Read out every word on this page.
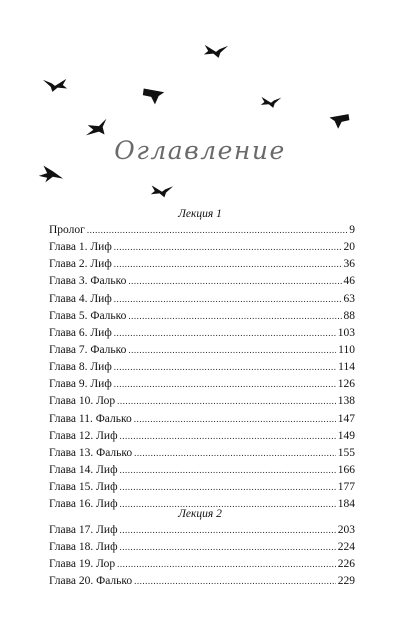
Оглавление
Лекция 1
Пролог .....	9
Глава 1. Лиф .....	20
Глава 2. Лиф .....	36
Глава 3. Фалько .....	46
Глава 4. Лиф .....	63
Глава 5. Фалько .....	88
Глава 6. Лиф .....	103
Глава 7. Фалько .....	110
Глава 8. Лиф .....	114
Глава 9. Лиф .....	126
Глава 10. Лор .....	138
Глава 11. Фалько .....	147
Глава 12. Лиф .....	149
Глава 13. Фалько .....	155
Глава 14. Лиф .....	166
Глава 15. Лиф .....	177
Глава 16. Лиф .....	184
Лекция 2
Глава 17. Лиф .....	203
Глава 18. Лиф .....	224
Глава 19. Лор .....	226
Глава 20. Фалько .....	229
